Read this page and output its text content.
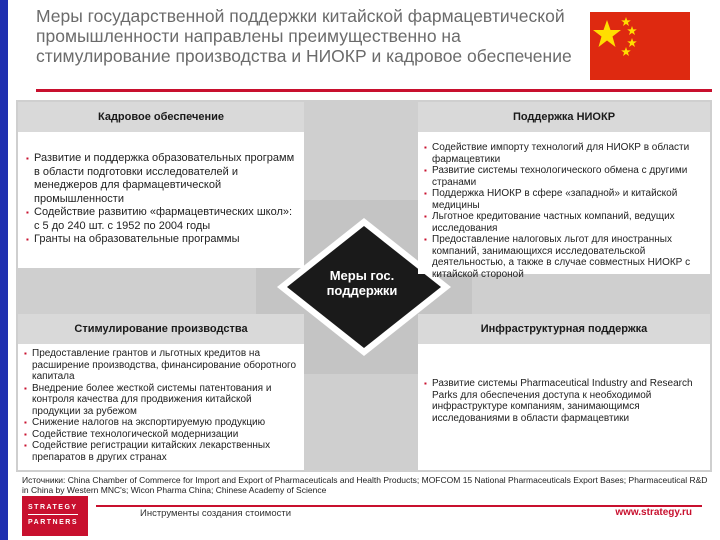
Меры государственной поддержки китайской фармацевтической промышленности направлены преимущественно на стимулирование производства и НИОКР и кадровое обеспечение
Кадровое обеспечение
▪ Развитие и поддержка образовательных программ в области подготовки исследователей и менеджеров для фармацевтической промышленности
▪ Содействие развитию «фармацевтических школ»: с 5 до 240 шт. с 1952 по 2004 годы
▪ Гранты на образовательные программы
Поддержка НИОКР
▪ Содействие импорту технологий для НИОКР в области фармацевтики
▪ Развитие системы технологического обмена с другими странами
▪ Поддержка НИОКР в сфере «западной» и китайской медицины
▪ Льготное кредитование частных компаний, ведущих исследования
▪ Предоставление налоговых льгот для иностранных компаний, занимающихся исследовательской деятельностью, а также в случае совместных НИОКР с китайской стороной
Стимулирование производства
▪ Предоставление грантов и льготных кредитов на расширение производства, финансирование оборотного капитала
▪ Внедрение более жесткой системы патентования и контроля качества для продвижения китайской продукции за рубежом
▪ Снижение налогов на экспортируемую продукцию
▪ Содействие технологической модернизации
▪ Содействие регистрации китайских лекарственных препаратов в других странах
Инфраструктурная поддержка
▪ Развитие системы Pharmaceutical Industry and Research Parks для обеспечения доступа к необходимой инфраструктуре компаниям, занимающимся исследованиями в области фармацевтики
Меры гос.
поддержки
Источники: China Chamber of Commerce for Import and Export of Pharmaceuticals and Health Products; MOFCOM 15 National Pharmaceuticals Export Bases; Pharmaceutical R&D in China by Western MNC's; Wicon Pharma China; Chinese Academy of Science
STRATEGY
PARTNERS
Инструменты создания стоимости	www.strategy.ru
